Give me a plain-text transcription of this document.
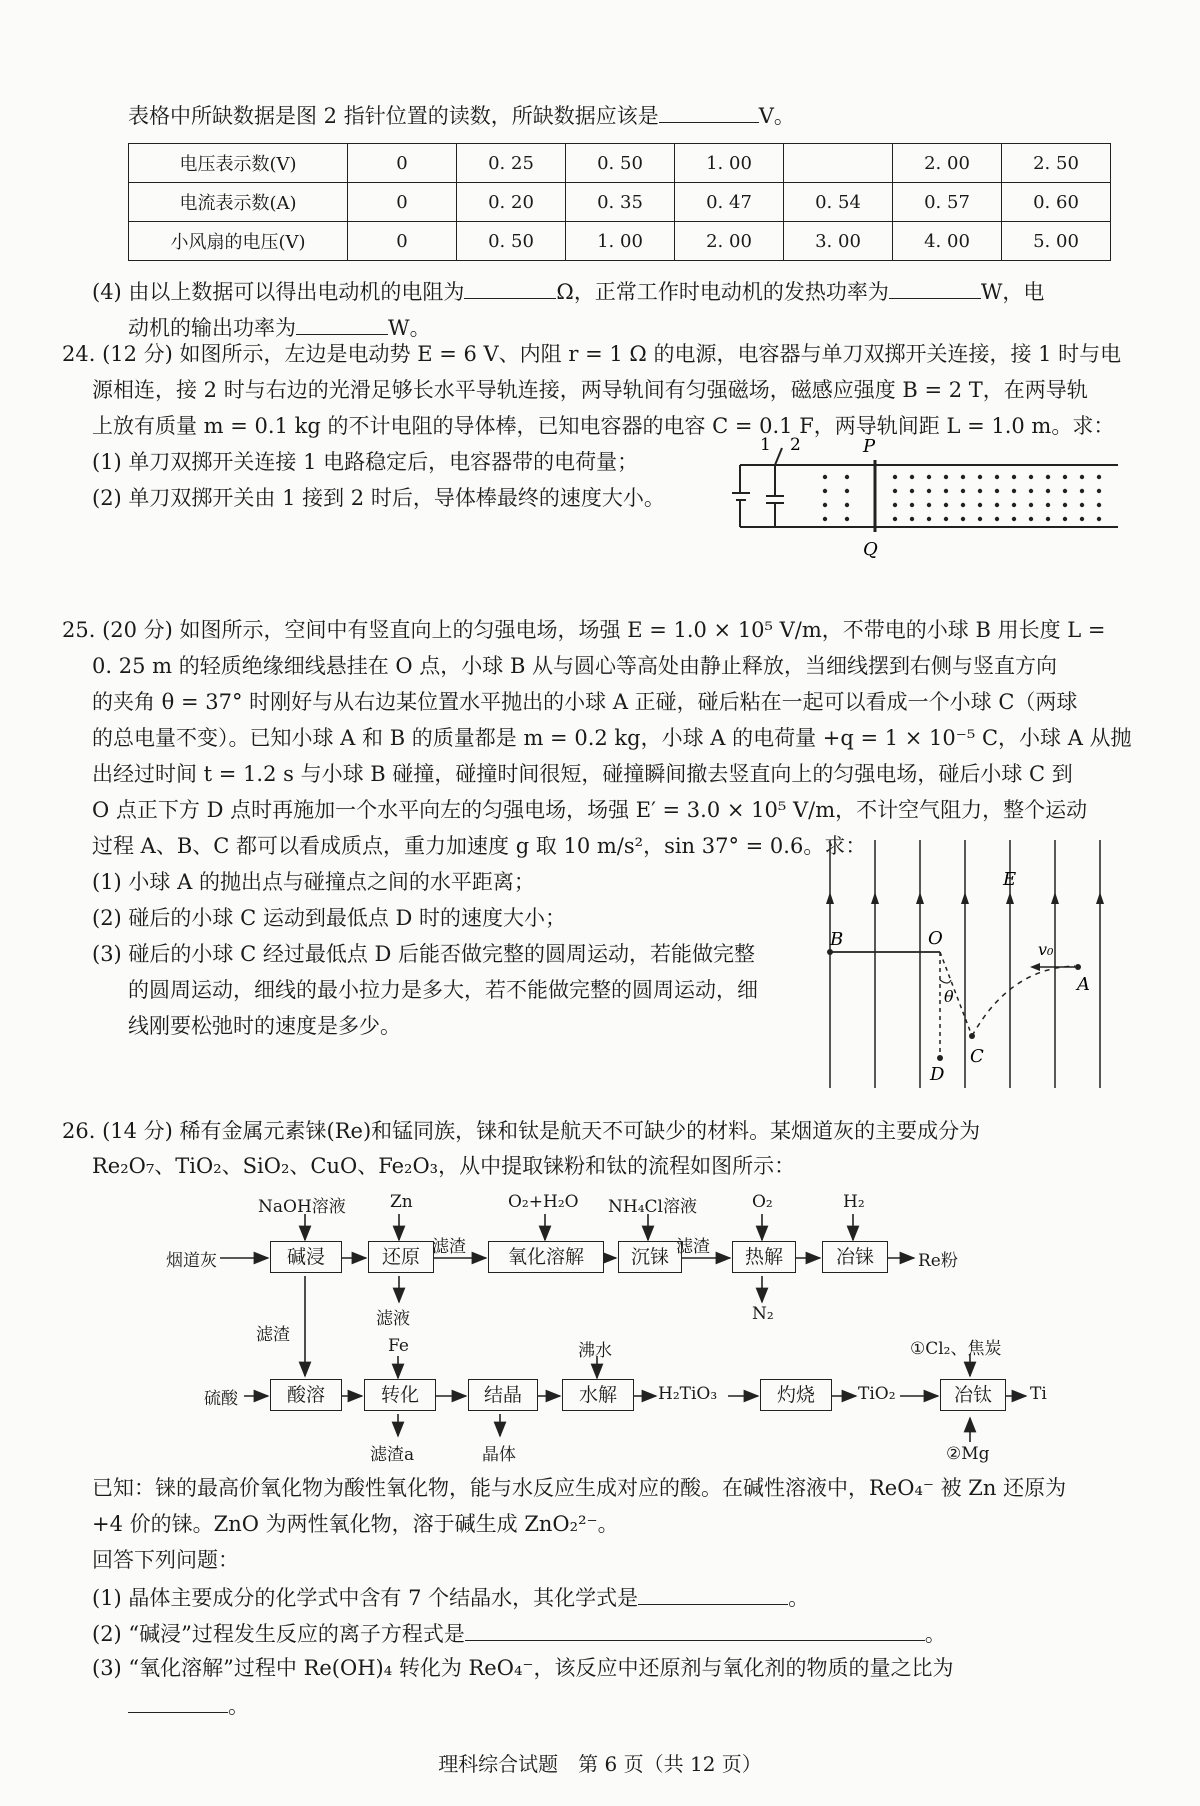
表格中所缺数据是图 2 指针位置的读数，所缺数据应该是	V。
电压表示数(V)	0	0. 25	0. 50	1. 00		2. 00	2. 50
电流表示数(A)	0	0. 20	0. 35	0. 47	0. 54	0. 57	0. 60
小风扇的电压(V)	0	0. 50	1. 00	2. 00	3. 00	4. 00	5. 00
(4) 由以上数据可以得出电动机的电阻为	Ω，正常工作时电动机的发热功率为	W，电
动机的输出功率为	W。
24. (12 分) 如图所示，左边是电动势 E = 6 V、内阻 r = 1 Ω 的电源，电容器与单刀双掷开关连接，接 1 时与电
源相连，接 2 时与右边的光滑足够长水平导轨连接，两导轨间有匀强磁场，磁感应强度 B = 2 T，在两导轨
上放有质量 m = 0.1 kg 的不计电阻的导体棒，已知电容器的电容 C = 0.1 F，两导轨间距 L = 1.0 m。求：
(1) 单刀双掷开关连接 1 电路稳定后，电容器带的电荷量；
(2) 单刀双掷开关由 1 接到 2 时后，导体棒最终的速度大小。
1 2	P
Q
25. (20 分) 如图所示，空间中有竖直向上的匀强电场，场强 E = 1.0 × 10⁵ V/m，不带电的小球 B 用长度 L =
0. 25 m 的轻质绝缘细线悬挂在 O 点，小球 B 从与圆心等高处由静止释放，当细线摆到右侧与竖直方向
的夹角 θ = 37° 时刚好与从右边某位置水平抛出的小球 A 正碰，碰后粘在一起可以看成一个小球 C（两球
的总电量不变）。已知小球 A 和 B 的质量都是 m = 0.2 kg，小球 A 的电荷量 +q = 1 × 10⁻⁵ C，小球 A 从抛
出经过时间 t = 1.2 s 与小球 B 碰撞，碰撞时间很短，碰撞瞬间撤去竖直向上的匀强电场，碰后小球 C 到
O 点正下方 D 点时再施加一个水平向左的匀强电场，场强 E′ = 3.0 × 10⁵ V/m，不计空气阻力，整个运动
过程 A、B、C 都可以看成质点，重力加速度 g 取 10 m/s²，sin 37° = 0.6。求：
(1) 小球 A 的抛出点与碰撞点之间的水平距离；
(2) 碰后的小球 C 运动到最低点 D 时的速度大小；
(3) 碰后的小球 C 经过最低点 D 后能否做完整的圆周运动，若能做完整
的圆周运动，细线的最小拉力是多大，若不能做完整的圆周运动，细
线刚要松弛时的速度是多少。
E
B	O
θ
D
C
v₀
A
26. (14 分) 稀有金属元素铼(Re)和锰同族，铼和钛是航天不可缺少的材料。某烟道灰的主要成分为
Re₂O₇、TiO₂、SiO₂、CuO、Fe₂O₃，从中提取铼粉和钛的流程如图所示：
NaOH溶液	Zn	O₂+H₂O NH₄Cl溶液	O₂	H₂
烟道灰	碱浸	还原	氧化溶解	沉铼	热解	冶铼	Re粉
滤渣	滤渣
滤液	N₂
滤渣
硫酸	酸溶	转化	结晶	水解	H₂TiO₃	灼烧	TiO₂	冶钛	Ti
Fe	沸水	①Cl₂、焦炭
滤渣a	晶体	②Mg
已知：铼的最高价氧化物为酸性氧化物，能与水反应生成对应的酸。在碱性溶液中，ReO₄⁻ 被 Zn 还原为
+4 价的铼。ZnO 为两性氧化物，溶于碱生成 ZnO₂²⁻。
回答下列问题：
(1) 晶体主要成分的化学式中含有 7 个结晶水，其化学式是	。
(2) “碱浸”过程发生反应的离子方程式是	。
(3) “氧化溶解”过程中 Re(OH)₄ 转化为 ReO₄⁻，该反应中还原剂与氧化剂的物质的量之比为
。
理科综合试题　第 6 页（共 12 页）
